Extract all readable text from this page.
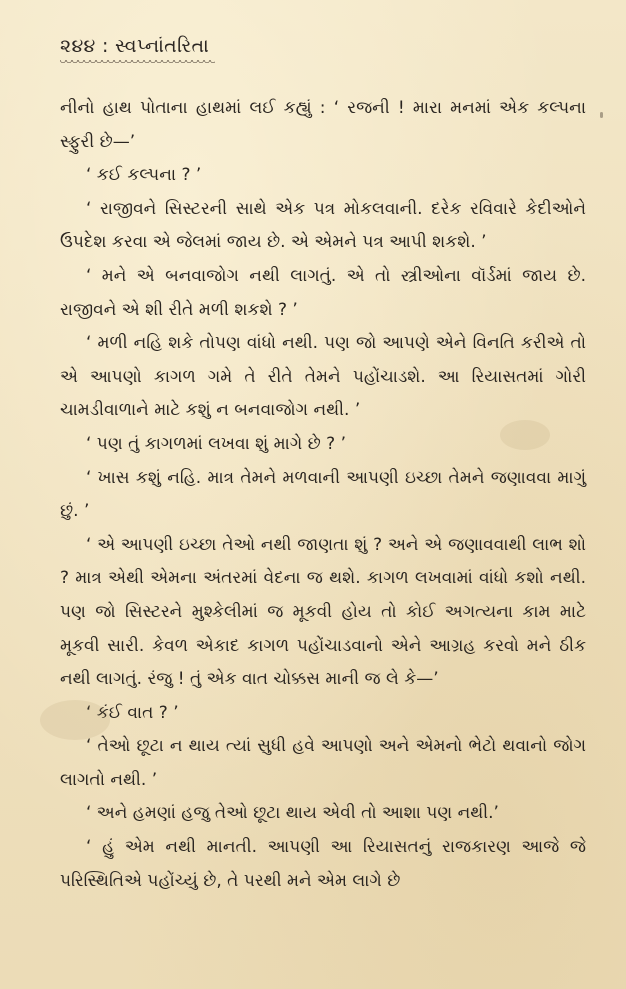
૨૪૪ : સ્વપ્નાંતરિતા

નીનો હાથ પોતાના હાથમાં લઈ કહ્યું : ‘ રજની ! મારા મનમાં એક કલ્પના સ્ફુરી છે—’

‘ કઈ કલ્પના ? ’

‘ રાજીવને સિસ્ટરની સાથે એક પત્ર મોકલવાની. દરેક રવિવારે કેદીઓને ઉપદેશ કરવા એ જેલમાં જાય છે. એ એમને પત્ર આપી શકશે. ’

‘ મને એ બનવાજોગ નથી લાગતું. એ તો સ્ત્રીઓના વૉર્ડમાં જાય છે. રાજીવને એ શી રીતે મળી શકશે ? ’

‘ મળી નહિ શકે તોપણ વાંધો નથી. પણ જો આપણે એને વિનતિ કરીએ તો એ આપણો કાગળ ગમે તે રીતે તેમને પહોંચાડશે. આ રિયાસતમાં ગોરી ચામડીવાળાને માટે કશું ન બનવાજોગ નથી. ’

‘ પણ તું કાગળમાં લખવા શું માગે છે ? ’

‘ ખાસ કશું નહિ. માત્ર તેમને મળવાની આપણી ઇચ્છા તેમને જણાવવા માગું છું. ’

‘ એ આપણી ઇચ્છા તેઓ નથી જાણતા શું ? અને એ જણાવવાથી લાભ શો ? માત્ર એથી એમના અંતરમાં વેદના જ થશે. કાગળ લખવામાં વાંધો કશો નથી. પણ જો સિસ્ટરને મુશ્કેલીમાં જ મૂકવી હોય તો કોઈ અગત્યના કામ માટે મૂકવી સારી. કેવળ એકાદ કાગળ પહોંચાડવાનો એને આગ્રહ કરવો મને ઠીક નથી લાગતું. રંજુ ! તું એક વાત ચોક્કસ માની જ લે કે—’

‘ કંઈ વાત ? ’

‘ તેઓ છૂટા ન થાય ત્યાં સુધી હવે આપણો અને એમનો ભેટો થવાનો જોગ લાગતો નથી. ’

‘ અને હમણાં હજુ તેઓ છૂટા થાય એવી તો આશા પણ નથી.’

‘ હું એમ નથી માનતી. આપણી આ રિયાસતનું રાજકારણ આજે જે પરિસ્થિતિએ પહોંચ્યું છે, તે પરથી મને એમ લાગે છે
